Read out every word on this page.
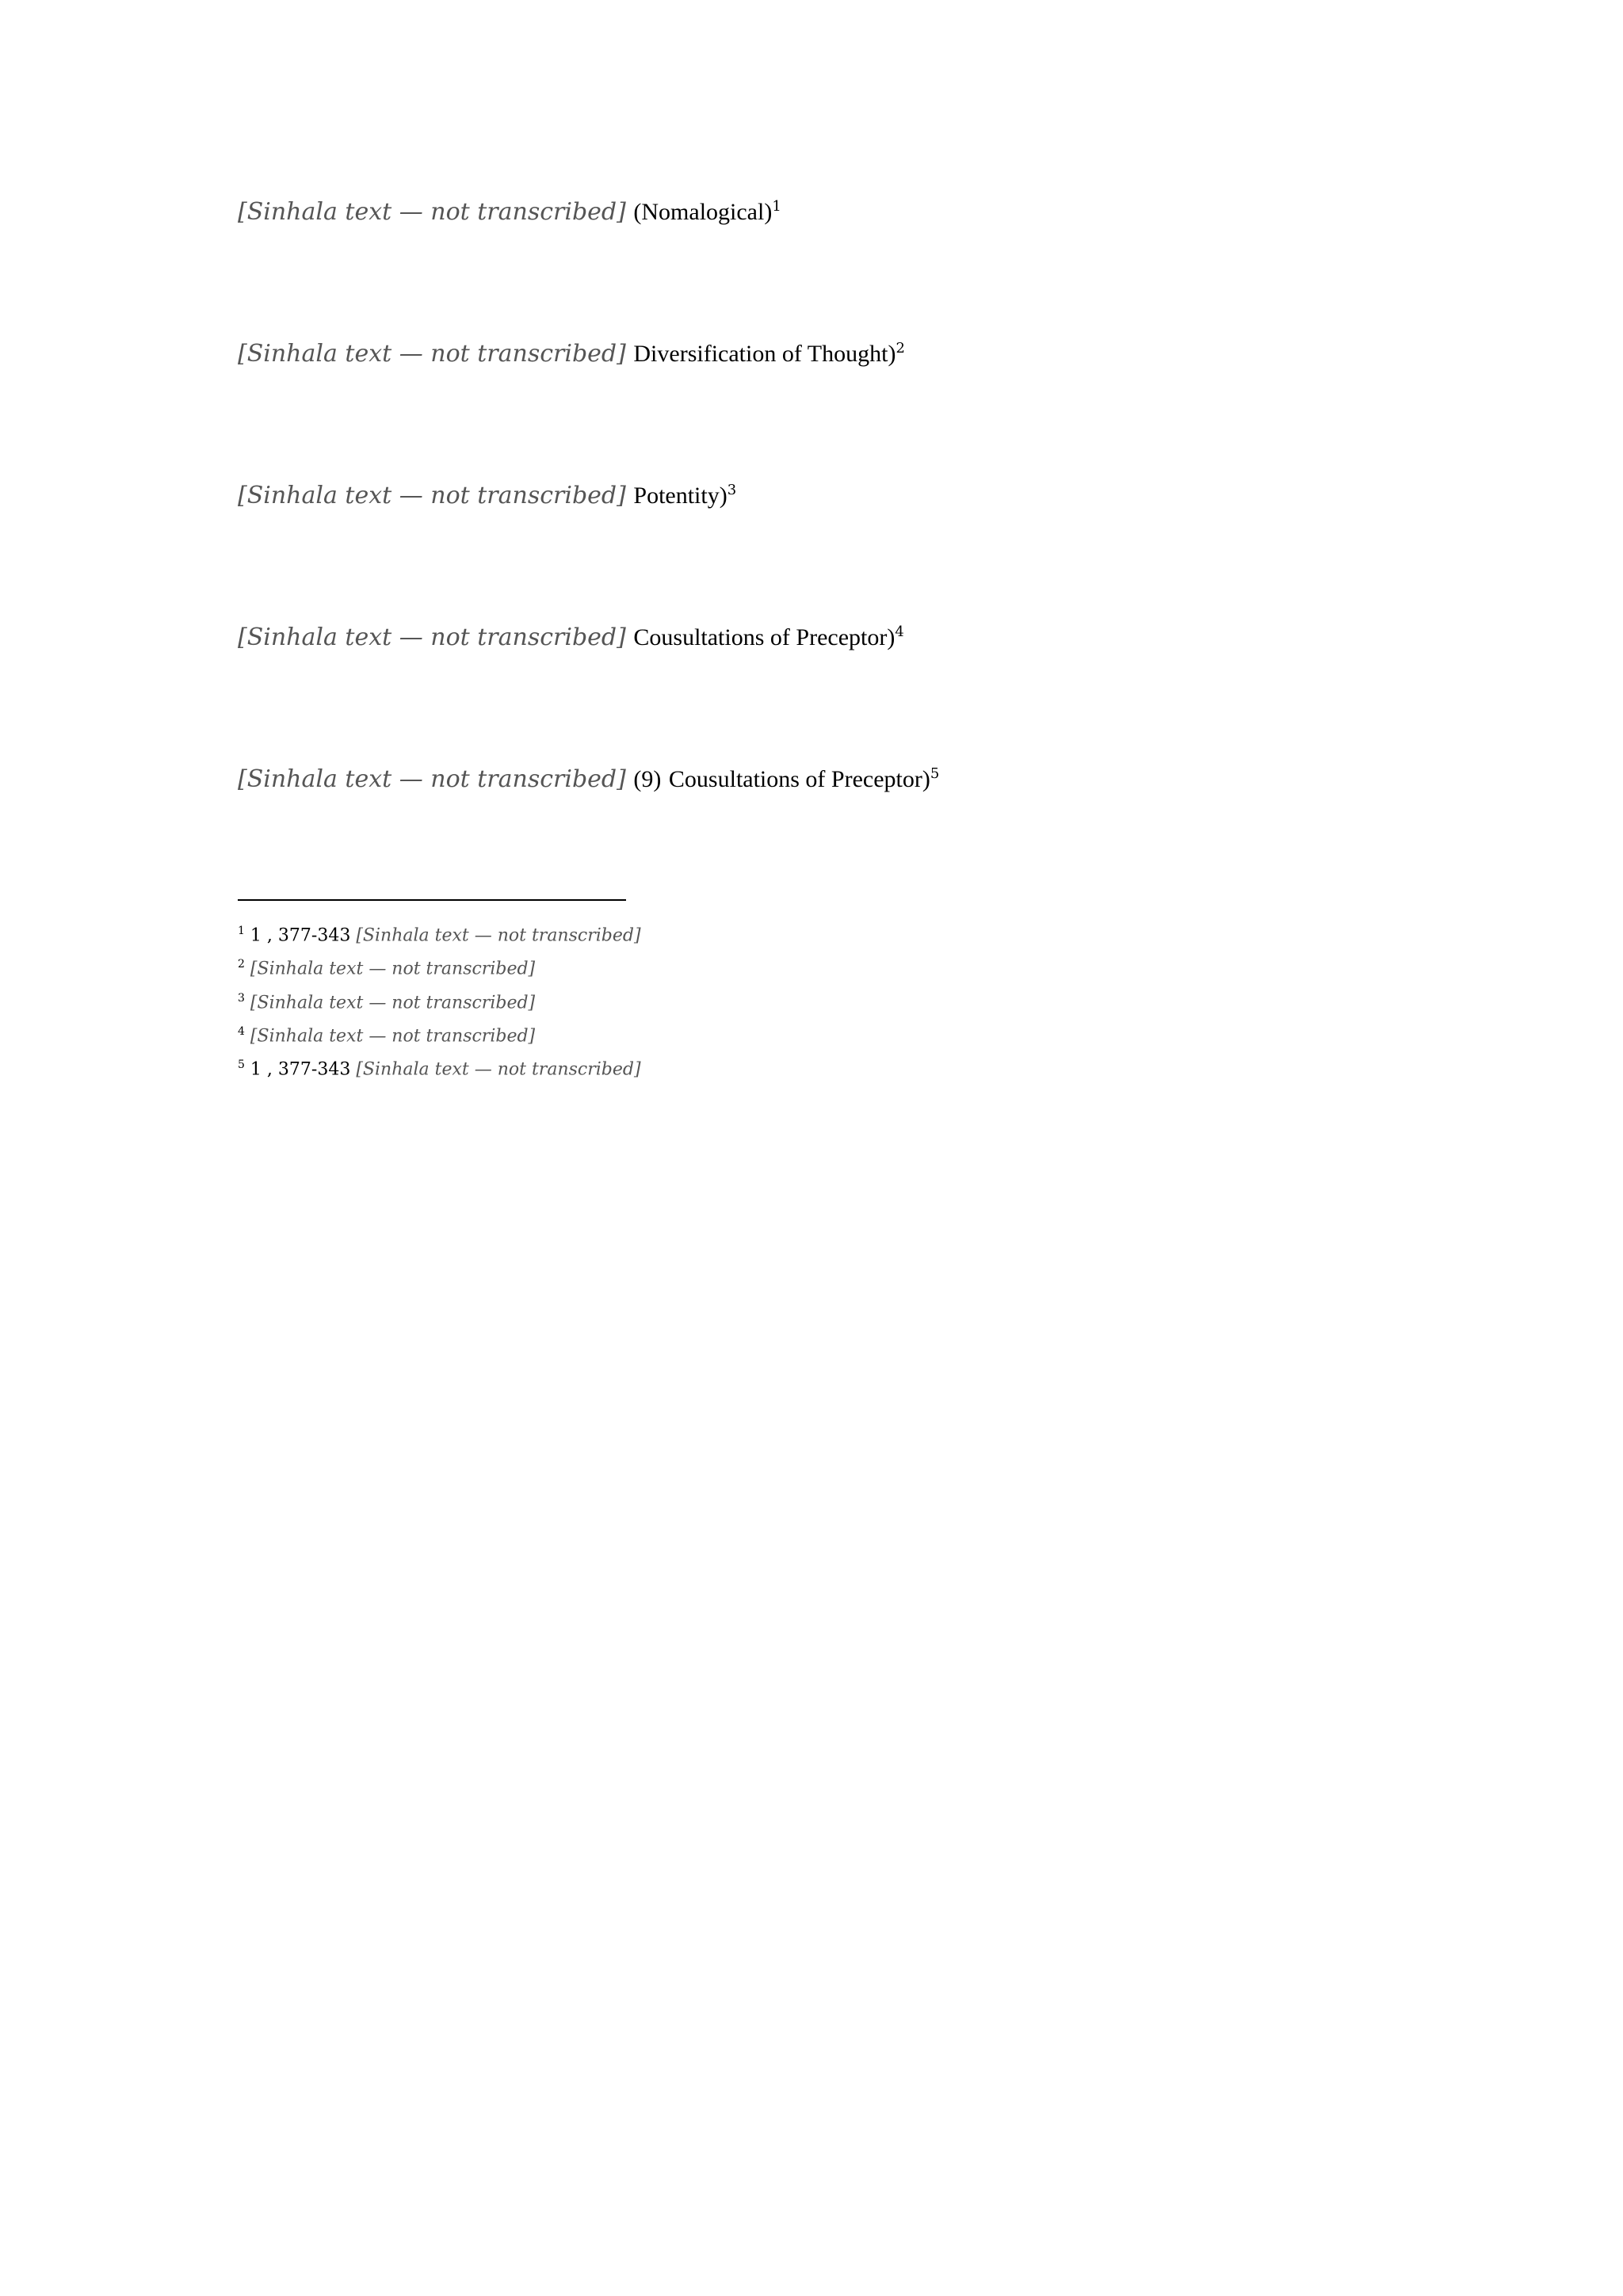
[Sinhala text — not transcribed] (Nomalogical)$^1$

[Sinhala text — not transcribed] Diversification of Thought)$^2$

[Sinhala text — not transcribed] Potentity)$^3$

[Sinhala text — not transcribed] Cousultations of Preceptor)$^4$

[Sinhala text — not transcribed] (9) Cousultations of Preceptor)$^5$

$^1$ 1 , 377-343 [Sinhala text — not transcribed]

$^2$ [Sinhala text — not transcribed]

$^3$ [Sinhala text — not transcribed]

$^4$ [Sinhala text — not transcribed]

$^5$ 1 , 377-343 [Sinhala text — not transcribed]
